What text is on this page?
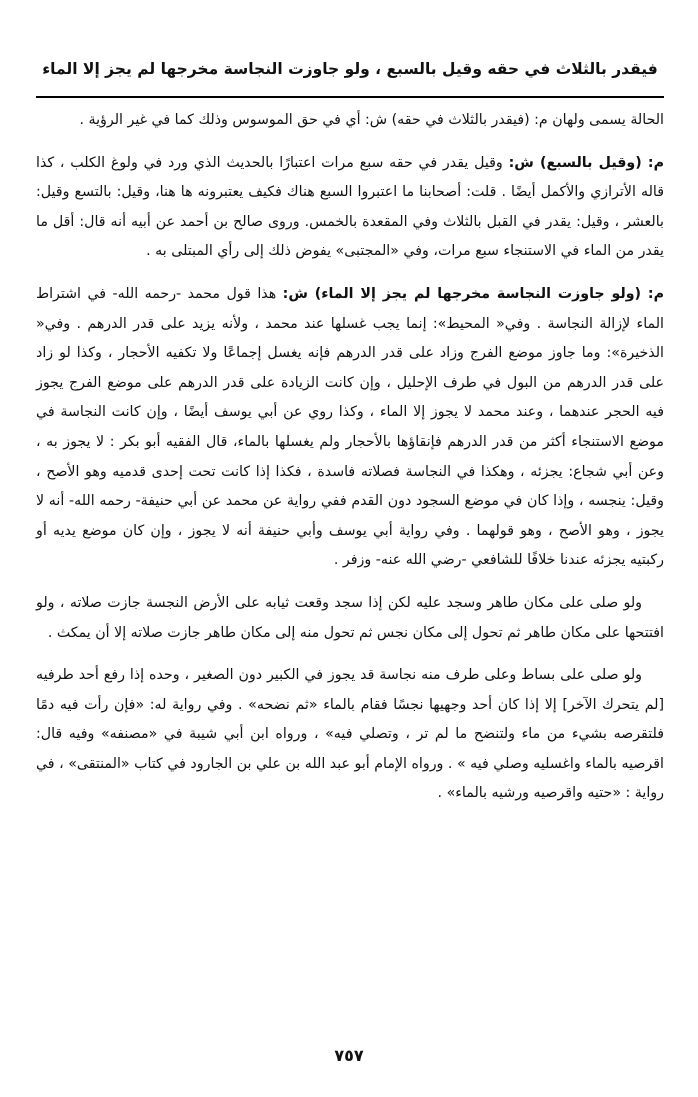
فيقدر بالثلاث في حقه وقيل بالسبع ، ولو جاوزت النجاسة مخرجها لم يجز إلا الماء

الحالة يسمى ولهان م: (فيقدر بالثلاث في حقه) ش: أي في حق الموسوس وذلك كما في غير الرؤية .

م: (وقيل بالسبع) ش: وقيل يقدر في حقه سبع مرات اعتبارًا بالحديث الذي ورد في ولوغ الكلب ، كذا قاله الأترازي والأكمل أيضًا . قلت: أصحابنا ما اعتبروا السبع هناك فكيف يعتبرونه ها هنا، وقيل: بالتسع وقيل: بالعشر ، وقيل: يقدر في القبل بالثلاث وفي المقعدة بالخمس. وروى صالح بن أحمد عن أبيه أنه قال: أقل ما يقدر من الماء في الاستنجاء سبع مرات، وفي «المجتبى» يفوض ذلك إلى رأي المبتلى به .

م: (ولو جاوزت النجاسة مخرجها لم يجز إلا الماء) ش: هذا قول محمد -رحمه الله- في اشتراط الماء لإزالة النجاسة . وفي« المحيط»: إنما يجب غسلها عند محمد ، ولأنه يزيد على قدر الدرهم . وفي« الذخيرة»: وما جاوز موضع الفرج وزاد على قدر الدرهم فإنه يغسل إجماعًا ولا تكفيه الأحجار ، وكذا لو زاد على قدر الدرهم من البول في طرف الإحليل ، وإن كانت الزيادة على قدر الدرهم على موضع الفرج يجوز فيه الحجر عندهما ، وعند محمد لا يجوز إلا الماء ، وكذا روي عن أبي يوسف أيضًا ، وإن كانت النجاسة في موضع الاستنجاء أكثر من قدر الدرهم فإنقاؤها بالأحجار ولم يغسلها بالماء، قال الفقيه أبو بكر : لا يجوز به ، وعن أبي شجاع: يجزئه ، وهكذا في النجاسة فصلاته فاسدة ، فكذا إذا كانت تحت إحدى قدميه وهو الأصح ، وقيل: ينجسه ، وإذا كان في موضع السجود دون القدم ففي رواية عن محمد عن أبي حنيفة- رحمه الله- أنه لا يجوز ، وهو الأصح ، وهو قولهما . وفي رواية أبي يوسف وأبي حنيفة أنه لا يجوز ، وإن كان موضع يديه أو ركبتيه يجزئه عندنا خلافًا للشافعي -رضي الله عنه- وزفر .

ولو صلى على مكان طاهر وسجد عليه لكن إذا سجد وقعت ثيابه على الأرض النجسة جازت صلاته ، ولو افتتحها على مكان طاهر ثم تحول إلى مكان نجس ثم تحول منه إلى مكان طاهر جازت صلاته إلا أن يمكث .

ولو صلى على بساط وعلى طرف منه نجاسة قد يجوز في الكبير دون الصغير ، وحده إذا رفع أحد طرفيه [لم يتحرك الآخر] إلا إذا كان أحد وجهيها نجسًا فقام بالماء «ثم نضحه» . وفي رواية له: «فإن رأت فيه دمًا فلتقرصه بشيء من ماء ولتنضح ما لم تر ، وتصلي فيه» ، ورواه ابن أبي شيبة في «مصنفه» وفيه قال: اقرصيه بالماء واغسليه وصلي فيه » . ورواه الإمام أبو عبد الله بن علي بن الجارود في كتاب «المنتقى» ، في رواية : «حتيه واقرصيه ورشيه بالماء» .

٧٥٧
